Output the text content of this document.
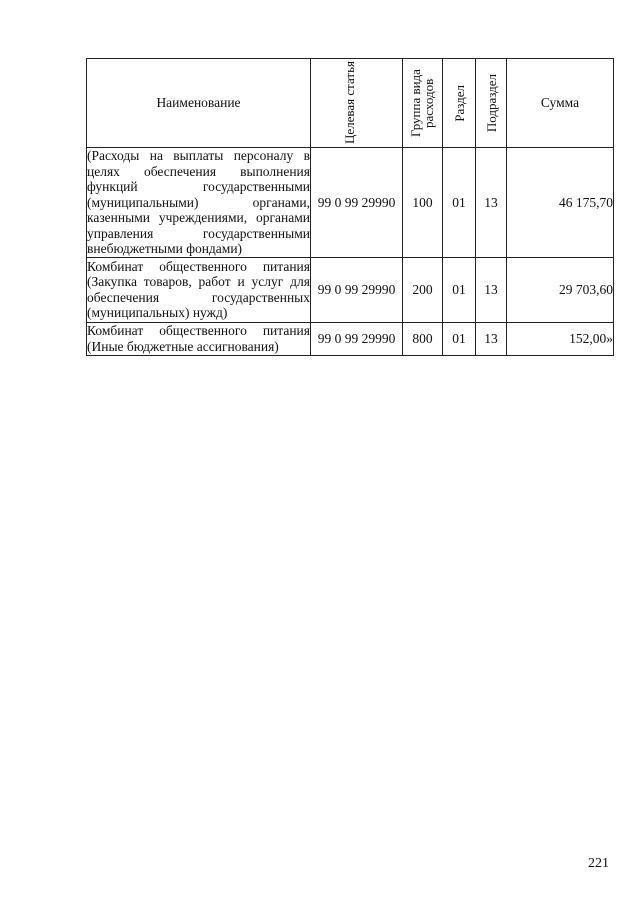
Наименование	Целевая статья	Группа вида расходов	Раздел	Подраздел	Сумма
(Расходы на выплаты персоналу в целях обеспечения выполнения функций государственными (муниципальными) органами, казенными учреждениями, органами управления государственными внебюджетными фондами)	99 0 99 29990	100	01	13	46 175,70
Комбинат общественного питания (Закупка товаров, работ и услуг для обеспечения государственных (муниципальных) нужд)	99 0 99 29990	200	01	13	29 703,60
Комбинат общественного питания (Иные бюджетные ассигнования)	99 0 99 29990	800	01	13	152,00»
221
